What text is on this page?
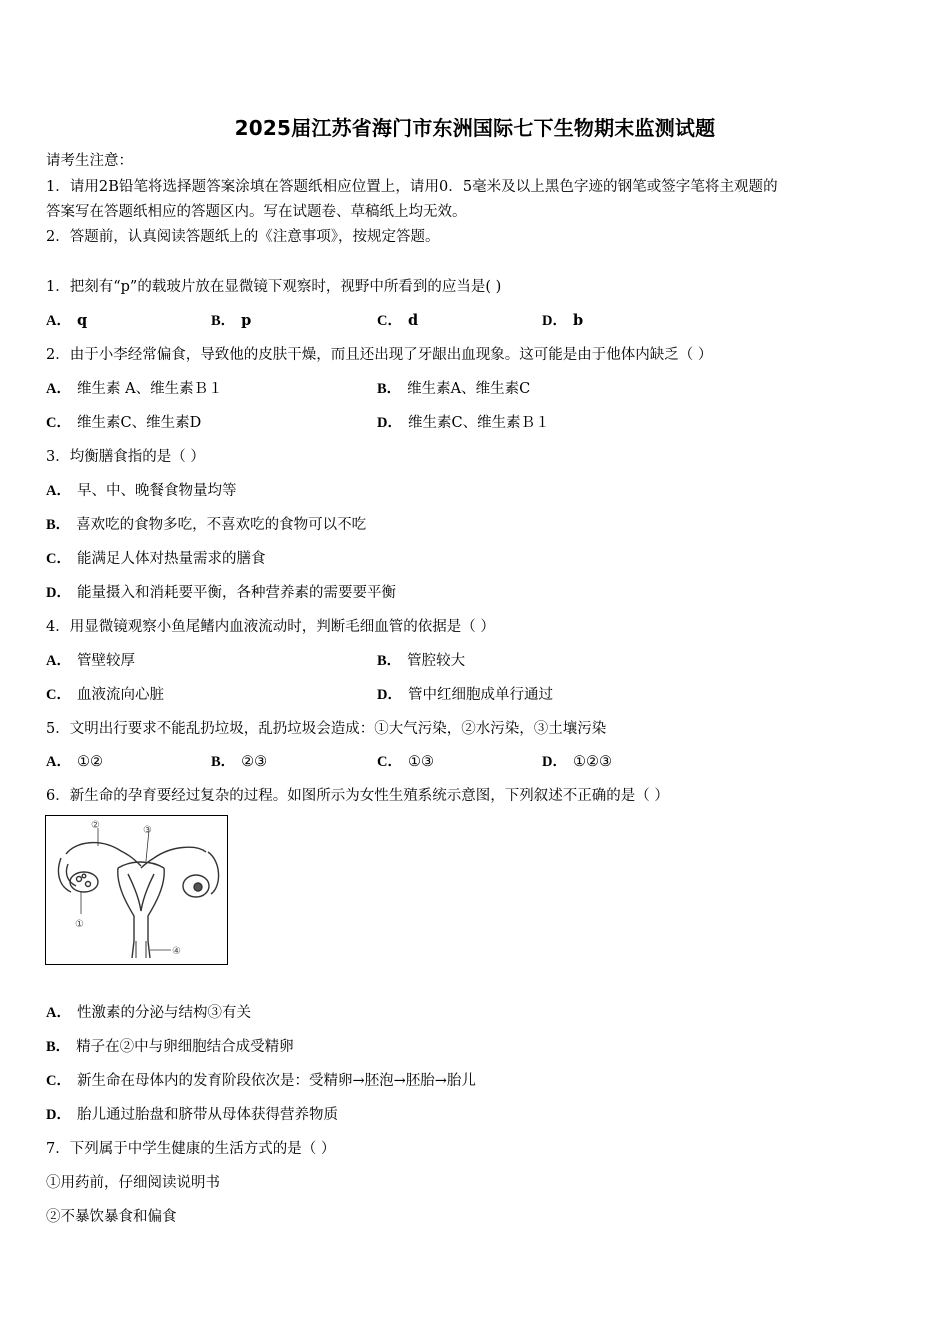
2025届江苏省海门市东洲国际七下生物期末监测试题
请考生注意：
1．请用2B铅笔将选择题答案涂填在答题纸相应位置上，请用0．5毫米及以上黑色字迹的钢笔或签字笔将主观题的
答案写在答题纸相应的答题区内。写在试题卷、草稿纸上均无效。
2．答题前，认真阅读答题纸上的《注意事项》，按规定答题。
1．把刻有“p”的载玻片放在显微镜下观察时，视野中所看到的应当是( )
A． q	B． p	C． d	D． b
2．由于小李经常偏食，导致他的皮肤干燥，而且还出现了牙龈出血现象。这可能是由于他体内缺乏（ ）
A． 维生素 A、维生素Ｂ１	B． 维生素A、维生素C
C． 维生素C、维生素D	D． 维生素C、维生素Ｂ１
3．均衡膳食指的是（ ）
A． 早、中、晚餐食物量均等
B． 喜欢吃的食物多吃，不喜欢吃的食物可以不吃
C． 能满足人体对热量需求的膳食
D． 能量摄入和消耗要平衡，各种营养素的需要要平衡
4．用显微镜观察小鱼尾鳍内血液流动时，判断毛细血管的依据是（ ）
A． 管壁较厚	B． 管腔较大
C． 血液流向心脏	D． 管中红细胞成单行通过
5．文明出行要求不能乱扔垃圾，乱扔垃圾会造成：①大气污染，②水污染，③土壤污染
A． ①②	B． ②③	C． ①③	D． ①②③
6．新生命的孕育要经过复杂的过程。如图所示为女性生殖系统示意图，下列叙述不正确的是（ ）
②	③
①
④
A． 性激素的分泌与结构③有关
B． 精子在②中与卵细胞结合成受精卵
C． 新生命在母体内的发育阶段依次是：受精卵→胚泡→胚胎→胎儿
D． 胎儿通过胎盘和脐带从母体获得营养物质
7．下列属于中学生健康的生活方式的是（ ）
①用药前，仔细阅读说明书
②不暴饮暴食和偏食
